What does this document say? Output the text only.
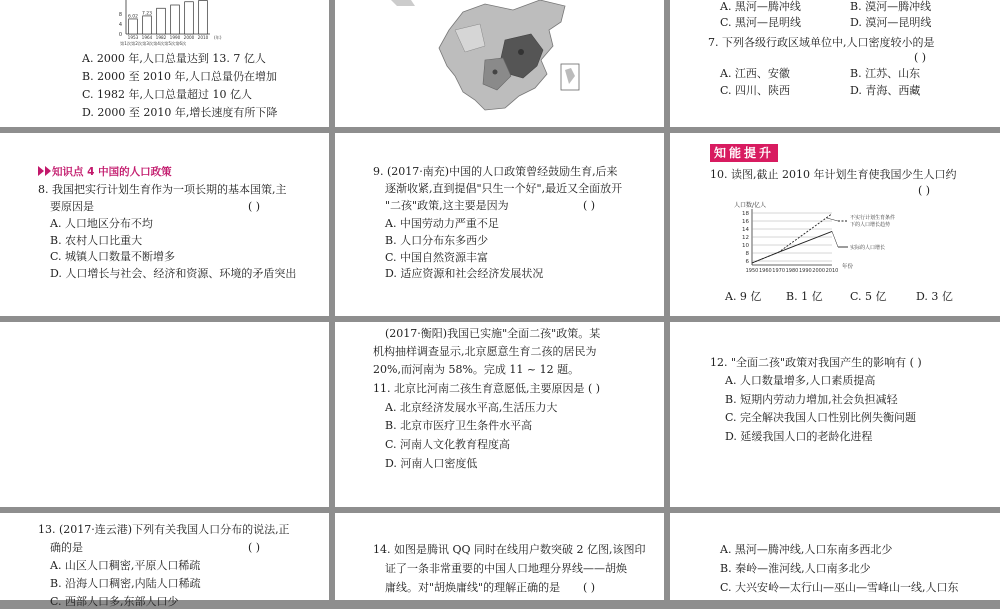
8
4
0
6.02
1953
7.23
1964 1982 1990 2000 2010 (年)
第1次第2次第3次第4次第5次第6次
A. 2000 年,人口总量达到 13. 7 亿人
B. 2000 至 2010 年,人口总量仍在增加
C. 1982 年,人口总量超过 10 亿人
D. 2000 至 2010 年,增长速度有所下降
A. 黑河—腾冲线	B. 漠河—腾冲线
C. 黑河—昆明线	D. 漠河—昆明线
7. 下列各级行政区域单位中,人口密度较小的是
( )
A. 江西、安徽	B. 江苏、山东
C. 四川、陕西	D. 青海、西藏
知识点 4 中国的人口政策
8. 我国把实行计划生育作为一项长期的基本国策,主
要原因是	( )
A. 人口地区分布不均
B. 农村人口比重大
C. 城镇人口数量不断增多
D. 人口增长与社会、经济和资源、环境的矛盾突出
9. (2017·南充)中国的人口政策曾经鼓励生育,后来
逐渐收紧,直到提倡"只生一个好",最近又全面放开
"二孩"政策,这主要是因为	( )
A. 中国劳动力严重不足
B. 人口分布东多西少
C. 中国自然资源丰富
D. 适应资源和社会经济发展状况
知能提升
10. 读图,截止 2010 年计划生育使我国少生人口约
( )
人口数/亿人
6
8
10
12
14
16
18
1950 1960 1970 1980 1990 2000 2010
年份
不实行计划生育条件
下的人口增长趋势
实际的人口增长
A. 9 亿 B. 1 亿 C. 5 亿	D. 3 亿
(2017·衡阳)我国已实施"全面二孩"政策。某
机构抽样调查显示,北京愿意生育二孩的居民为
20%,而河南为 58%。完成 11 ~ 12 题。
11. 北京比河南二孩生育意愿低,主要原因是 ( )
A. 北京经济发展水平高,生活压力大
B. 北京市医疗卫生条件水平高
C. 河南人文化教育程度高
D. 河南人口密度低
12. "全面二孩"政策对我国产生的影响有 ( )
A. 人口数量增多,人口素质提高
B. 短期内劳动力增加,社会负担减轻
C. 完全解决我国人口性别比例失衡问题
D. 延缓我国人口的老龄化进程
13. (2017·连云港)下列有关我国人口分布的说法,正
确的是	( )
A. 山区人口稠密,平原人口稀疏
B. 沿海人口稠密,内陆人口稀疏
C. 西部人口多,东部人口少
14. 如图是腾讯 QQ 同时在线用户数突破 2 亿图,该图印
证了一条非常重要的中国人口地理分界线——胡焕
庸线。对"胡焕庸线"的理解正确的是 ( )
A. 黑河—腾冲线,人口东南多西北少
B. 秦岭—淮河线,人口南多北少
C. 大兴安岭—太行山—巫山—雪峰山一线,人口东
